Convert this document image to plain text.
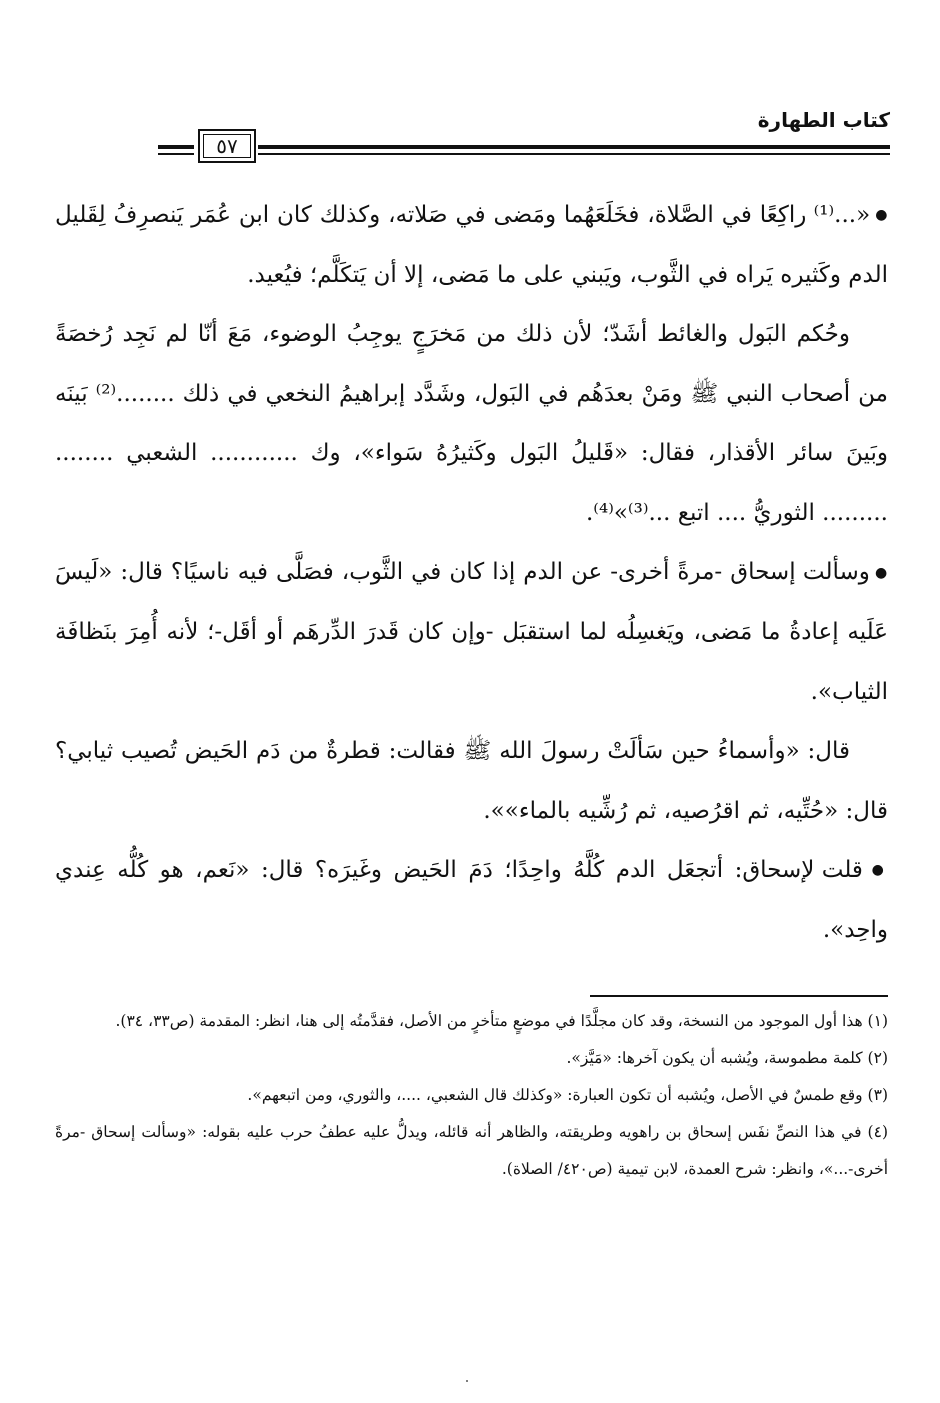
كتاب الطهارة
٥٧

● «...⁽¹⁾ راكِعًا في الصَّلاة، فخَلَعَهُما ومَضى في صَلاته، وكذلك كان ابن عُمَر يَنصرِفُ لِقَليل الدم وكَثيره يَراه في الثَّوب، ويَبني على ما مَضى، إلا أن يَتكَلَّم؛ فيُعيد.

وحُكم البَول والغائط أشَدّ؛ لأن ذلك من مَخرَجٍ يوجِبُ الوضوء، مَعَ أنّا لم نَجِد رُخصَةً من أصحاب النبي ﷺ ومَنْ بعدَهُم في البَول، وشَدَّد إبراهيمُ النخعي في ذلك ........⁽²⁾ بَينَه وبَينَ سائر الأقذار، فقال: «قَليلُ البَول وكَثيرُهُ سَواء»، وك ............ الشعبي ........ ......... الثوريُّ .... اتبع ...⁽³⁾»⁽⁴⁾.

● وسألت إسحاق -مرةً أخرى- عن الدم إذا كان في الثَّوب، فصَلَّى فيه ناسيًا؟ قال: «لَيسَ عَلَيه إعادةُ ما مَضى، ويَغسِلُه لما استقبَل -وإن كان قَدرَ الدِّرهَم أو أقَل-؛ لأنه أُمِرَ بنَظافَة الثياب».

قال: «وأسماءُ حين سَألَتْ رسولَ الله ﷺ فقالت: قطرةٌ من دَم الحَيض تُصيب ثيابي؟ قال: «حُتِّيه، ثم اقرُصيه، ثم رُشِّيه بالماء»».

● قلت لإسحاق: أتجعَل الدم كُلَّهُ واحِدًا؛ دَمَ الحَيض وغَيرَه؟ قال: «نَعم، هو كُلُّه عِندي واحِد».

(١) هذا أول الموجود من النسخة، وقد كان مجلَّدًا في موضعٍ متأخرٍ من الأصل، فقدَّمتُه إلى هنا، انظر: المقدمة (ص٣٣، ٣٤).

(٢) كلمة مطموسة، ويُشبه أن يكون آخرها: «مَيَّز».

(٣) وقع طمسٌ في الأصل، ويُشبه أن تكون العبارة: «وكذلك قال الشعبي، ....، والثوري، ومن اتبعهم».

(٤) في هذا النصِّ نفَس إسحاق بن راهويه وطريقته، والظاهر أنه قائله، ويدلُّ عليه عطفُ حرب عليه بقوله: «وسألت إسحاق -مرةً أخرى-...»، وانظر: شرح العمدة، لابن تيمية (ص٤٢٠/ الصلاة).
